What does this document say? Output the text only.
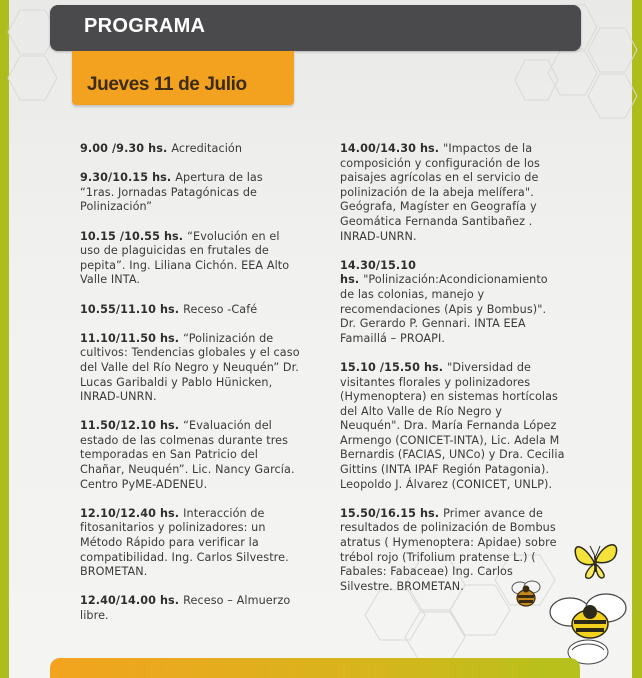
PROGRAMA
Jueves 11 de Julio
9.00 /9.30 hs. Acreditación
9.30/10.15 hs. Apertura de las “1ras. Jornadas Patagónicas de Polinización”
10.15 /10.55 hs. “Evolución en el uso de plaguicidas en frutales de pepita”. Ing. Liliana Cichón. EEA Alto Valle INTA.
10.55/11.10 hs. Receso -Café
11.10/11.50 hs. “Polinización de cultivos: Tendencias globales y el caso del Valle del Río Negro y Neuquén” Dr. Lucas Garibaldi y Pablo Hünicken, INRAD-UNRN.
11.50/12.10 hs. “Evaluación del estado de las colmenas durante tres temporadas en San Patricio del Chañar, Neuquén”. Lic. Nancy García. Centro PyME-ADENEU.
12.10/12.40 hs. Interacción de fitosanitarios y polinizadores: un Método Rápido para verificar la compatibilidad. Ing. Carlos Silvestre. BROMETAN.
12.40/14.00 hs. Receso – Almuerzo libre.
14.00/14.30 hs. "Impactos de la composición y configuración de los paisajes agrícolas en el servicio de polinización de la abeja melífera". Geógrafa, Magíster en Geografía y Geomática Fernanda Santibañez . INRAD-UNRN.
14.30/15.10 hs. "Polinización:Acondicionamiento de las colonias, manejo y recomendaciones (Apis y Bombus)". Dr. Gerardo P. Gennari. INTA EEA Famaillá – PROAPI.
15.10 /15.50 hs. "Diversidad de visitantes florales y polinizadores (Hymenoptera) en sistemas hortícolas del Alto Valle de Río Negro y Neuquén". Dra. María Fernanda López Armengo (CONICET-INTA), Lic. Adela M Bernardis (FACIAS, UNCo) y Dra. Cecilia Gittins (INTA IPAF Región Patagonia). Leopoldo J. Álvarez (CONICET, UNLP).
15.50/16.15 hs. Primer avance de resultados de polinización de Bombus atratus ( Hymenoptera: Apidae) sobre trébol rojo (Trifolium pratense L.) ( Fabales: Fabaceae) Ing. Carlos Silvestre. BROMETAN.
